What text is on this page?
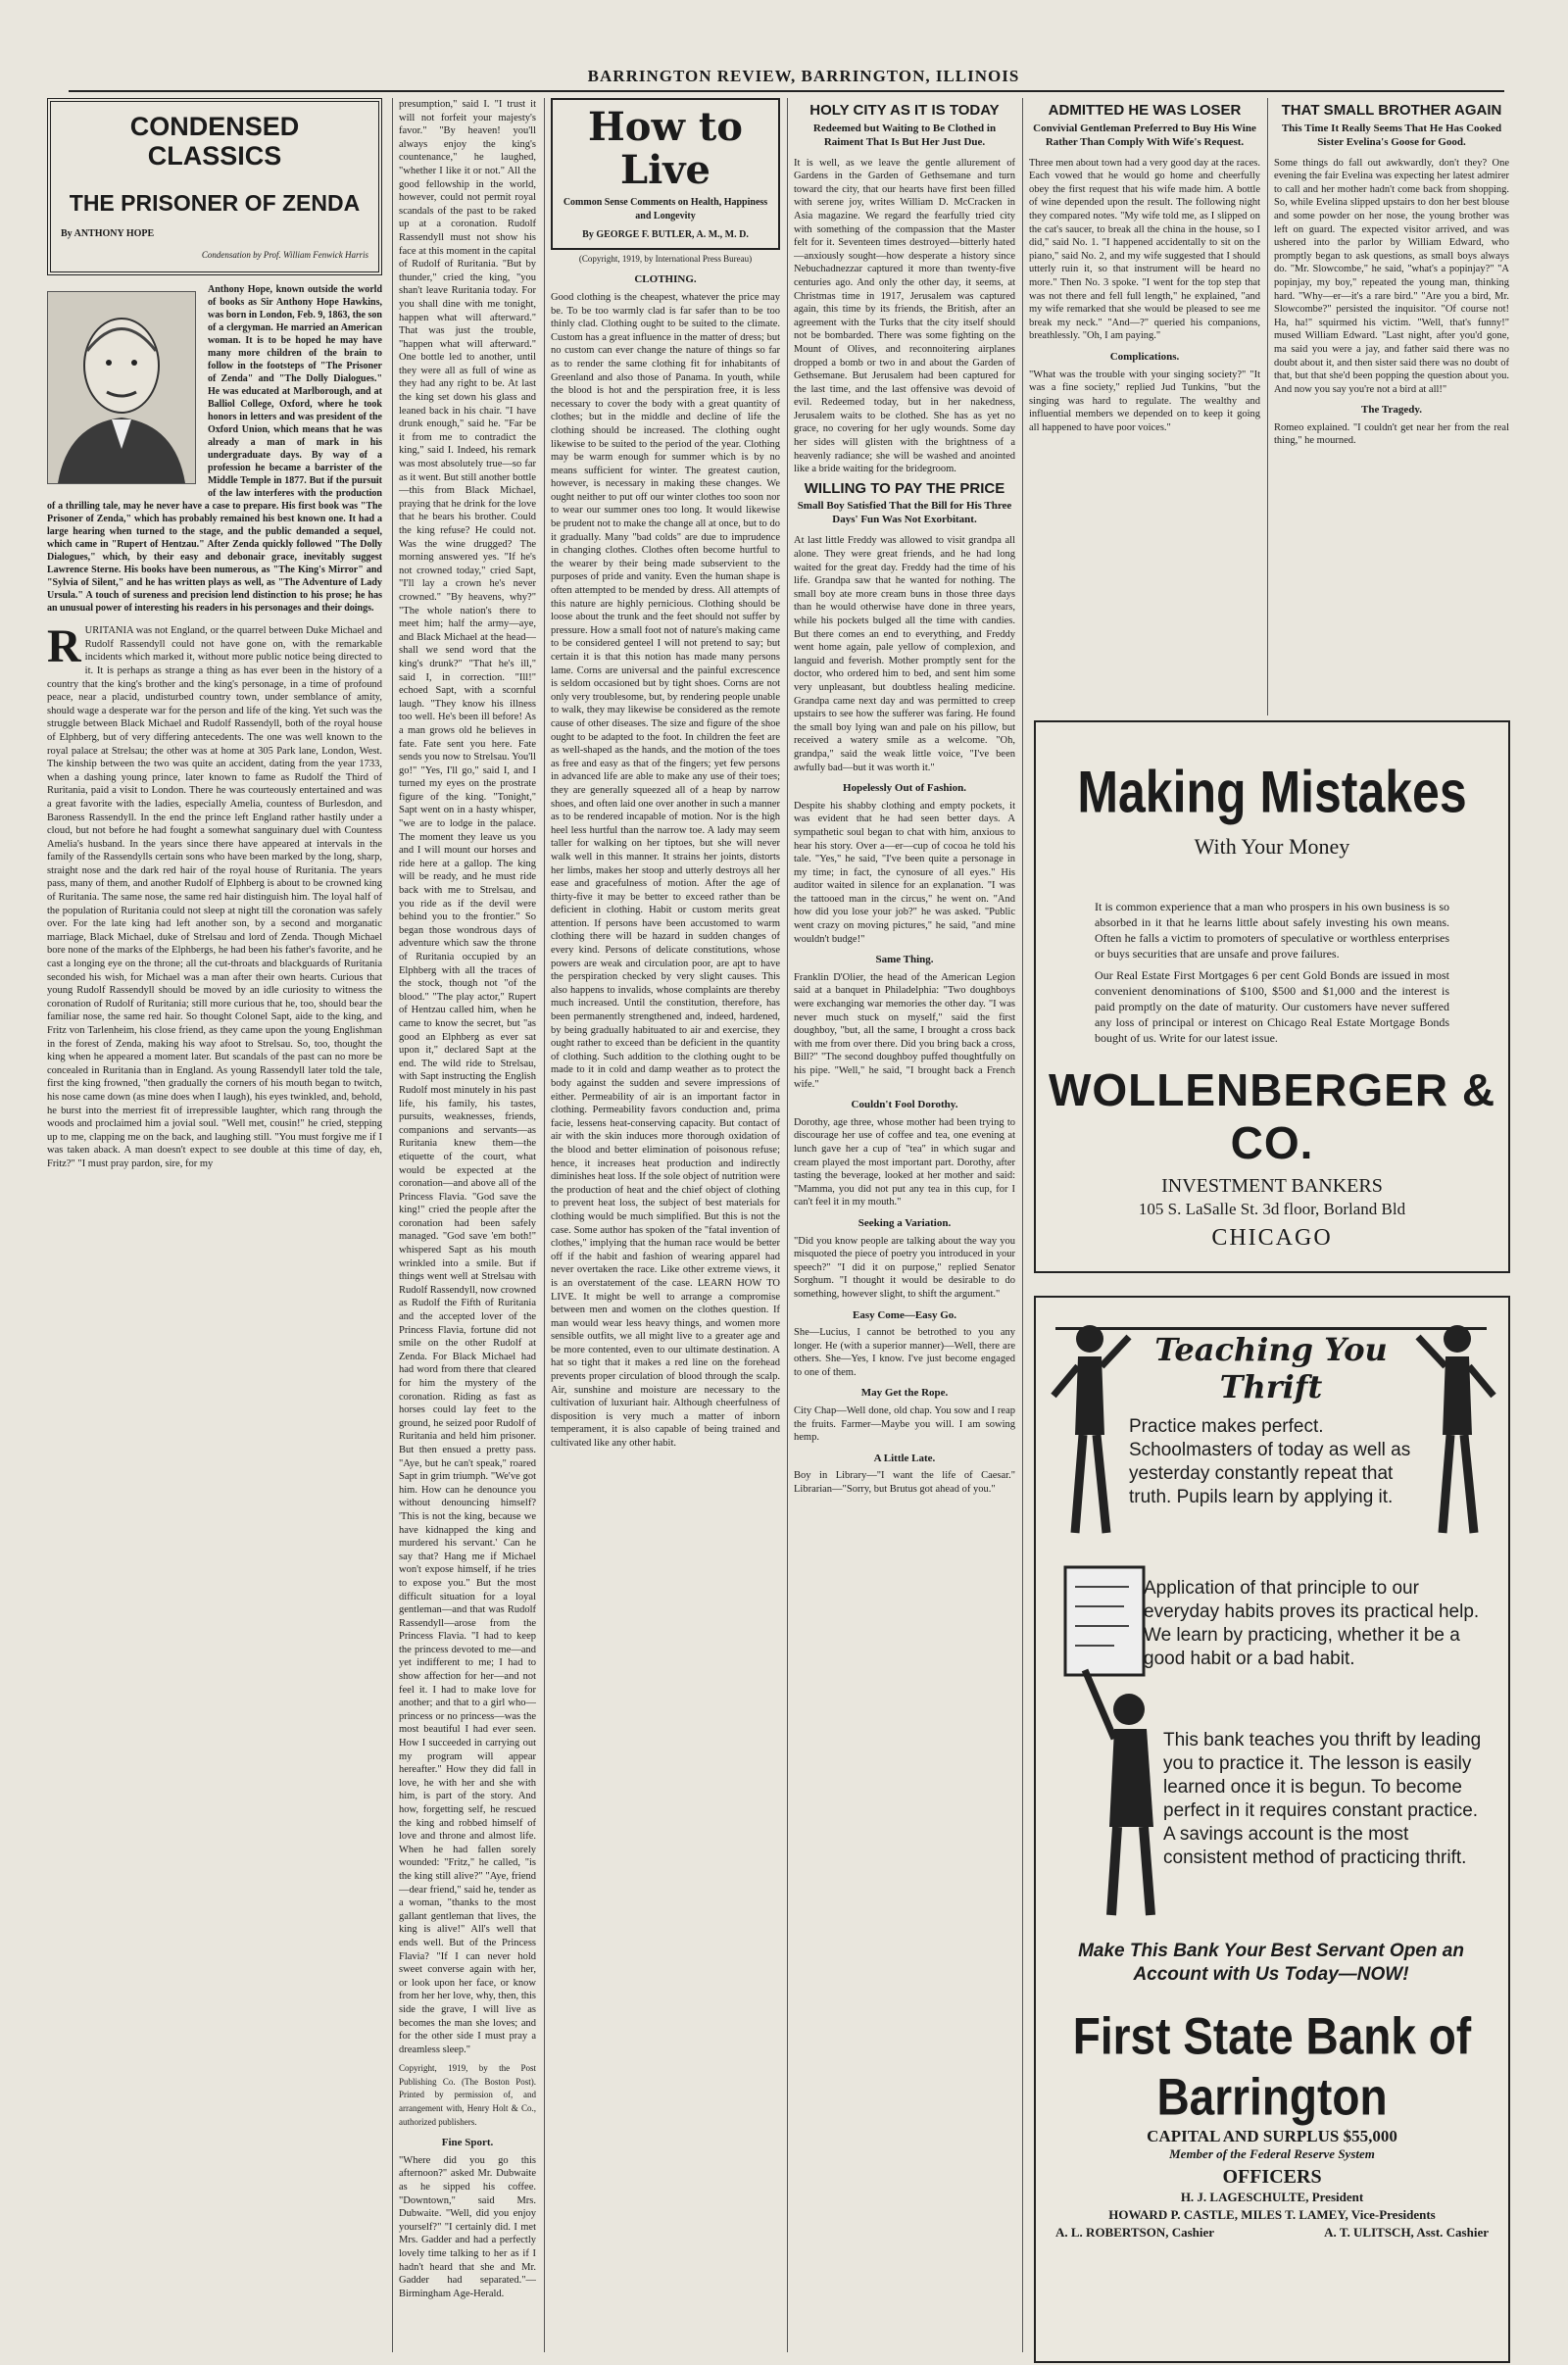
BARRINGTON REVIEW, BARRINGTON, ILLINOIS
CONDENSED CLASSICS
THE PRISONER OF ZENDA
By ANTHONY HOPE
Condensation by Prof. William Fenwick Harris
Anthony Hope, known outside the world of books as Sir Anthony Hope Hawkins, was born in London, Feb. 9, 1863, the son of a clergyman. He married an American woman. It is to be hoped he may have many more children of the brain to follow in the footsteps of "The Prisoner of Zenda" and "The Dolly Dialogues." He was educated at Marlborough, and at Balliol College, Oxford, where he took honors in letters and was president of the Oxford Union, which means that he was already a man of mark in his undergraduate days. By way of a profession he became a barrister of the Middle Temple in 1877. But if the pursuit of the law interferes with the production of a thrilling tale, may he never have a case to prepare. His first book was "The Prisoner of Zenda," which has probably remained his best known one. It had a large hearing when turned to the stage, and the public demanded a sequel, which came in "Rupert of Hentzau." After Zenda quickly followed "The Dolly Dialogues," which, by their easy and debonair grace, inevitably suggest Lawrence Sterne. His books have been numerous, as "The King's Mirror" and "Sylvia of Silent," and he has written plays as well, as "The Adventure of Lady Ursula." A touch of sureness and precision lend distinction to his prose; he has an unusual power of interesting his readers in his personages and their doings.
R URITANIA was not England, or the quarrel between Duke Michael and Rudolf Rassendyll could not have gone on, with the remarkable incidents which marked it, without more public notice being directed to it. It is perhaps as strange a thing as has ever been in the history of a country that the king's brother and the king's personage, in a time of profound peace, near a placid, undisturbed country town, under semblance of amity, should wage a desperate war for the person and life of the king. Yet such was the struggle between Black Michael and Rudolf Rassendyll, both of the royal house of Elphberg, but of very differing antecedents. The one was well known to the royal palace at Strelsau; the other was at home at 305 Park lane, London, West. The kinship between the two was quite an accident, dating from the year 1733, when a dashing young prince, later known to fame as Rudolf the Third of Ruritania, paid a visit to London. There he was courteously entertained and was a great favorite with the ladies, especially Amelia, countess of Burlesdon, and Baroness Rassendyll. In the end the prince left England rather hastily under a cloud, but not before he had fought a somewhat sanguinary duel with Countess Amelia's husband. In the years since there have appeared at intervals in the family of the Rassendylls certain sons who have been marked by the long, sharp, straight nose and the dark red hair of the royal house of Ruritania. The years pass, many of them, and another Rudolf of Elphberg is about to be crowned king of Ruritania. The same nose, the same red hair distinguish him. The loyal half of the population of Ruritania could not sleep at night till the coronation was safely over. For the late king had left another son, by a second and morganatic marriage, Black Michael, duke of Strelsau and lord of Zenda. Though Michael bore none of the marks of the Elphbergs, he had been his father's favorite, and he cast a longing eye on the throne; all the cut-throats and blackguards of Ruritania seconded his wish, for Michael was a man after their own hearts. Curious that young Rudolf Rassendyll should be moved by an idle curiosity to witness the coronation of Rudolf of Ruritania; still more curious that he, too, should bear the familiar nose, the same red hair. So thought Colonel Sapt, aide to the king, and Fritz von Tarlenheim, his close friend, as they came upon the young Englishman in the forest of Zenda, making his way afoot to Strelsau. So, too, thought the king when he appeared a moment later. But scandals of the past can no more be concealed in Ruritania than in England. As young Rassendyll later told the tale, first the king frowned, "then gradually the corners of his mouth began to twitch, his nose came down (as mine does when I laugh), his eyes twinkled, and, behold, he burst into the merriest fit of irrepressible laughter, which rang through the woods and proclaimed him a jovial soul. "Well met, cousin!" he cried, stepping up to me, clapping me on the back, and laughing still. "You must forgive me if I was taken aback. A man doesn't expect to see double at this time of day, eh, Fritz?" "I must pray pardon, sire, for my
presumption," said I. "I trust it will not forfeit your majesty's favor." "By heaven! you'll always enjoy the king's countenance," he laughed, "whether I like it or not." All the good fellowship in the world, however, could not permit royal scandals of the past to be raked up at a coronation. Rudolf Rassendyll must not show his face at this moment in the capital of Rudolf of Ruritania. "But by thunder," cried the king, "you shan't leave Ruritania today. For you shall dine with me tonight, happen what will afterward." That was just the trouble, "happen what will afterward." One bottle led to another, until they were all as full of wine as they had any right to be. At last the king set down his glass and leaned back in his chair. "I have drunk enough," said he. "Far be it from me to contradict the king," said I. Indeed, his remark was most absolutely true—so far as it went. But still another bottle—this from Black Michael, praying that he drink for the love that he bears his brother. Could the king refuse? He could not. Was the wine drugged? The morning answered yes. "If he's not crowned today," cried Sapt, "I'll lay a crown he's never crowned." "By heavens, why?" "The whole nation's there to meet him; half the army—aye, and Black Michael at the head—shall we send word that the king's drunk?" "That he's ill," said I, in correction. "Ill!" echoed Sapt, with a scornful laugh. "They know his illness too well. He's been ill before! As a man grows old he believes in fate. Fate sent you here. Fate sends you now to Strelsau. You'll go!" "Yes, I'll go," said I, and I turned my eyes on the prostrate figure of the king. "Tonight," Sapt went on in a hasty whisper, "we are to lodge in the palace. The moment they leave us you and I will mount our horses and ride here at a gallop. The king will be ready, and he must ride back with me to Strelsau, and you ride as if the devil were behind you to the frontier." So began those wondrous days of adventure which saw the throne of Ruritania occupied by an Elphberg with all the traces of the stock, though not "of the blood." "The play actor," Rupert of Hentzau called him, when he came to know the secret, but "as good an Elphberg as ever sat upon it," declared Sapt at the end. The wild ride to Strelsau, with Sapt instructing the English Rudolf most minutely in his past life, his family, his tastes, pursuits, weaknesses, friends, companions and servants—as Ruritania knew them—the etiquette of the court, what would be expected at the coronation—and above all of the Princess Flavia. "God save the king!" cried the people after the coronation had been safely managed. "God save 'em both!" whispered Sapt as his mouth wrinkled into a smile. But if things went well at Strelsau with Rudolf Rassendyll, now crowned as Rudolf the Fifth of Ruritania and the accepted lover of the Princess Flavia, fortune did not smile on the other Rudolf at Zenda. For Black Michael had had word from there that cleared for him the mystery of the coronation. Riding as fast as horses could lay feet to the ground, he seized poor Rudolf of Ruritania and held him prisoner. But then ensued a pretty pass. "Aye, but he can't speak," roared Sapt in grim triumph. "We've got him. How can he denounce you without denouncing himself? 'This is not the king, because we have kidnapped the king and murdered his servant.' Can he say that? Hang me if Michael won't expose himself, if he tries to expose you." But the most difficult situation for a loyal gentleman—and that was Rudolf Rassendyll—arose from the Princess Flavia. "I had to keep the princess devoted to me—and yet indifferent to me; I had to show affection for her—and not feel it. I had to make love for another; and that to a girl who—princess or no princess—was the most beautiful I had ever seen. How I succeeded in carrying out my program will appear hereafter." How they did fall in love, he with her and she with him, is part of the story. And how, forgetting self, he rescued the king and robbed himself of love and throne and almost life. When he had fallen sorely wounded: "Fritz," he called, "is the king still alive?" "Aye, friend—dear friend," said he, tender as a woman, "thanks to the most gallant gentleman that lives, the king is alive!" All's well that ends well. But of the Princess Flavia? "If I can never hold sweet converse again with her, or look upon her face, or know from her her love, why, then, this side the grave, I will live as becomes the man she loves; and for the other side I must pray a dreamless sleep."
Copyright, 1919, by the Post Publishing Co. (The Boston Post). Printed by permission of, and arrangement with, Henry Holt & Co., authorized publishers.
Fine Sport.
"Where did you go this afternoon?" asked Mr. Dubwaite as he sipped his coffee. "Downtown," said Mrs. Dubwaite. "Well, did you enjoy yourself?" "I certainly did. I met Mrs. Gadder and had a perfectly lovely time talking to her as if I hadn't heard that she and Mr. Gadder had separated."—Birmingham Age-Herald.
How to
Live
Common Sense Comments on Health, Happiness and Longevity
By GEORGE F. BUTLER, A. M., M. D.
(Copyright, 1919, by International Press Bureau)
CLOTHING.
Good clothing is the cheapest, whatever the price may be. To be too warmly clad is far safer than to be too thinly clad. Clothing ought to be suited to the climate. Custom has a great influence in the matter of dress; but no custom can ever change the nature of things so far as to render the same clothing fit for inhabitants of Greenland and also those of Panama. In youth, while the blood is hot and the perspiration free, it is less necessary to cover the body with a great quantity of clothes; but in the middle and decline of life the clothing should be increased. The clothing ought likewise to be suited to the period of the year. Clothing may be warm enough for summer which is by no means sufficient for winter. The greatest caution, however, is necessary in making these changes. We ought neither to put off our winter clothes too soon nor to wear our summer ones too long. It would likewise be prudent not to make the change all at once, but to do it gradually. Many "bad colds" are due to imprudence in changing clothes. Clothes often become hurtful to the wearer by their being made subservient to the purposes of pride and vanity. Even the human shape is often attempted to be mended by dress. All attempts of this nature are highly pernicious. Clothing should be loose about the trunk and the feet should not suffer by pressure. How a small foot not of nature's making came to be considered genteel I will not pretend to say; but certain it is that this notion has made many persons lame. Corns are universal and the painful excrescence is seldom occasioned but by tight shoes. Corns are not only very troublesome, but, by rendering people unable to walk, they may likewise be considered as the remote cause of other diseases. The size and figure of the shoe ought to be adapted to the foot. In children the feet are as well-shaped as the hands, and the motion of the toes as free and easy as that of the fingers; yet few persons in advanced life are able to make any use of their toes; they are generally squeezed all of a heap by narrow shoes, and often laid one over another in such a manner as to be rendered incapable of motion. Nor is the high heel less hurtful than the narrow toe. A lady may seem taller for walking on her tiptoes, but she will never walk well in this manner. It strains her joints, distorts her limbs, makes her stoop and utterly destroys all her ease and gracefulness of motion. After the age of thirty-five it may be better to exceed rather than be deficient in clothing. Habit or custom merits great attention. If persons have been accustomed to warm clothing there will be hazard in sudden changes of every kind. Persons of delicate constitutions, whose powers are weak and circulation poor, are apt to have the perspiration checked by very slight causes. This also happens to invalids, whose complaints are thereby much increased. Until the constitution, therefore, has been permanently strengthened and, indeed, hardened, by being gradually habituated to air and exercise, they ought rather to exceed than be deficient in the quantity of clothing. Such addition to the clothing ought to be made to it in cold and damp weather as to protect the body against the sudden and severe impressions of either. Permeability of air is an important factor in clothing. Permeability favors conduction and, prima facie, lessens heat-conserving capacity. But contact of air with the skin induces more thorough oxidation of the blood and better elimination of poisonous refuse; hence, it increases heat production and indirectly diminishes heat loss. If the sole object of nutrition were the production of heat and the chief object of clothing to prevent heat loss, the subject of best materials for clothing would be much simplified. But this is not the case. Some author has spoken of the "fatal invention of clothes," implying that the human race would be better off if the habit and fashion of wearing apparel had never overtaken the race. Like other extreme views, it is an overstatement of the case. LEARN HOW TO LIVE. It might be well to arrange a compromise between men and women on the clothes question. If man would wear less heavy things, and women more sensible outfits, we all might live to a greater age and be more contented, even to our ultimate destination. A hat so tight that it makes a red line on the forehead prevents proper circulation of blood through the scalp. Air, sunshine and moisture are necessary to the cultivation of luxuriant hair. Although cheerfulness of disposition is very much a matter of inborn temperament, it is also capable of being trained and cultivated like any other habit.
HOLY CITY AS IT IS TODAY
Redeemed but Waiting to Be Clothed in Raiment That Is But Her Just Due.
It is well, as we leave the gentle allurement of Gardens in the Garden of Gethsemane and turn toward the city, that our hearts have first been filled with serene joy, writes William D. McCracken in Asia magazine. We regard the fearfully tried city with something of the compassion that the Master felt for it. Seventeen times destroyed—bitterly hated—anxiously sought—how desperate a history since Nebuchadnezzar captured it more than twenty-five centuries ago. And only the other day, it seems, at Christmas time in 1917, Jerusalem was captured again, this time by its friends, the British, after an agreement with the Turks that the city itself should not be bombarded. There was some fighting on the Mount of Olives, and reconnoitering airplanes dropped a bomb or two in and about the Garden of Gethsemane. But Jerusalem had been captured for the last time, and the last offensive was devoid of evil. Redeemed today, but in her nakedness, Jerusalem waits to be clothed. She has as yet no grace, no covering for her ugly wounds. Some day her sides will glisten with the brightness of a heavenly radiance; she will be washed and anointed like a bride waiting for the bridegroom.
WILLING TO PAY THE PRICE
Small Boy Satisfied That the Bill for His Three Days' Fun Was Not Exorbitant.
At last little Freddy was allowed to visit grandpa all alone. They were great friends, and he had long waited for the great day. Freddy had the time of his life. Grandpa saw that he wanted for nothing. The small boy ate more cream buns in those three days than he would otherwise have done in three years, while his pockets bulged all the time with candies. But there comes an end to everything, and Freddy went home again, pale yellow of complexion, and languid and feverish. Mother promptly sent for the doctor, who ordered him to bed, and sent him some very unpleasant, but doubtless healing medicine. Grandpa came next day and was permitted to creep upstairs to see how the sufferer was faring. He found the small boy lying wan and pale on his pillow, but received a watery smile as a welcome. "Oh, grandpa," said the weak little voice, "I've been awfully bad—but it was worth it."
Hopelessly Out of Fashion.
Despite his shabby clothing and empty pockets, it was evident that he had seen better days. A sympathetic soul began to chat with him, anxious to hear his story. Over a—er—cup of cocoa he told his tale. "Yes," he said, "I've been quite a personage in my time; in fact, the cynosure of all eyes." His auditor waited in silence for an explanation. "I was the tattooed man in the circus," he went on. "And how did you lose your job?" he was asked. "Public went crazy on moving pictures," he said, "and mine wouldn't budge!"
Same Thing.
Franklin D'Olier, the head of the American Legion said at a banquet in Philadelphia: "Two doughboys were exchanging war memories the other day. "I was never much stuck on myself," said the first doughboy, "but, all the same, I brought a cross back with me from over there. Did you bring back a cross, Bill?" "The second doughboy puffed thoughtfully on his pipe. "Well," he said, "I brought back a French wife."
Couldn't Fool Dorothy.
Dorothy, age three, whose mother had been trying to discourage her use of coffee and tea, one evening at lunch gave her a cup of "tea" in which sugar and cream played the most important part. Dorothy, after tasting the beverage, looked at her mother and said: "Mamma, you did not put any tea in this cup, for I can't feel it in my mouth."
Seeking a Variation.
"Did you know people are talking about the way you misquoted the piece of poetry you introduced in your speech?" "I did it on purpose," replied Senator Sorghum. "I thought it would be desirable to do something, however slight, to shift the argument."
Easy Come—Easy Go.
She—Lucius, I cannot be betrothed to you any longer. He (with a superior manner)—Well, there are others. She—Yes, I know. I've just become engaged to one of them.
May Get the Rope.
City Chap—Well done, old chap. You sow and I reap the fruits. Farmer—Maybe you will. I am sowing hemp.
A Little Late.
Boy in Library—"I want the life of Caesar." Librarian—"Sorry, but Brutus got ahead of you."
ADMITTED HE WAS LOSER
Convivial Gentleman Preferred to Buy His Wine Rather Than Comply With Wife's Request.
Three men about town had a very good day at the races. Each vowed that he would go home and cheerfully obey the first request that his wife made him. A bottle of wine depended upon the result. The following night they compared notes. "My wife told me, as I slipped on the cat's saucer, to break all the china in the house, so I did," said No. 1. "I happened accidentally to sit on the piano," said No. 2, and my wife suggested that I should utterly ruin it, so that instrument will be heard no more." Then No. 3 spoke. "I went for the top step that was not there and fell full length," he explained, "and my wife remarked that she would be pleased to see me break my neck." "And—?" queried his companions, breathlessly. "Oh, I am paying."
Complications.
"What was the trouble with your singing society?" "It was a fine society," replied Jud Tunkins, "but the singing was hard to regulate. The wealthy and influential members we depended on to keep it going all happened to have poor voices."
THAT SMALL BROTHER AGAIN
This Time It Really Seems That He Has Cooked Sister Evelina's Goose for Good.
Some things do fall out awkwardly, don't they? One evening the fair Evelina was expecting her latest admirer to call and her mother hadn't come back from shopping. So, while Evelina slipped upstairs to don her best blouse and some powder on her nose, the young brother was left on guard. The expected visitor arrived, and was ushered into the parlor by William Edward, who promptly began to ask questions, as small boys always do. "Mr. Slowcombe," he said, "what's a popinjay?" "A popinjay, my boy," repeated the young man, thinking hard. "Why—er—it's a rare bird." "Are you a bird, Mr. Slowcombe?" persisted the inquisitor. "Of course not! Ha, ha!" squirmed his victim. "Well, that's funny!" mused William Edward. "Last night, after you'd gone, ma said you were a jay, and father said there was no doubt about it, and then sister said there was no doubt of that, but that she'd been popping the question about you. And now you say you're not a bird at all!"
The Tragedy.
Romeo explained. "I couldn't get near her from the real thing," he mourned.
Making Mistakes
With Your Money
It is common experience that a man who prospers in his own business is so absorbed in it that he learns little about safely investing his own means. Often he falls a victim to promoters of speculative or worthless enterprises or buys securities that are unsafe and prove failures.
Our Real Estate First Mortgages 6 per cent Gold Bonds are issued in most convenient denominations of $100, $500 and $1,000 and the interest is paid promptly on the date of maturity. Our customers have never suffered any loss of principal or interest on Chicago Real Estate Mortgage Bonds bought of us. Write for our latest issue.
WOLLENBERGER & CO.
INVESTMENT BANKERS
105 S. LaSalle St. 3d floor, Borland Bld
CHICAGO
Teaching You Thrift
Practice makes perfect. Schoolmasters of today as well as yesterday constantly repeat that truth. Pupils learn by applying it.
Application of that principle to our everyday habits proves its practical help. We learn by practicing, whether it be a good habit or a bad habit.
This bank teaches you thrift by leading you to practice it. The lesson is easily learned once it is begun. To become perfect in it requires constant practice. A savings account is the most consistent method of practicing thrift.
Make This Bank Your Best Servant Open an Account with Us Today—NOW!
First State Bank of Barrington
CAPITAL AND SURPLUS $55,000
Member of the Federal Reserve System
OFFICERS
H. J. LAGESCHULTE, President
HOWARD P. CASTLE, MILES T. LAMEY, Vice-Presidents
A. L. ROBERTSON, Cashier	A. T. ULITSCH, Asst. Cashier
